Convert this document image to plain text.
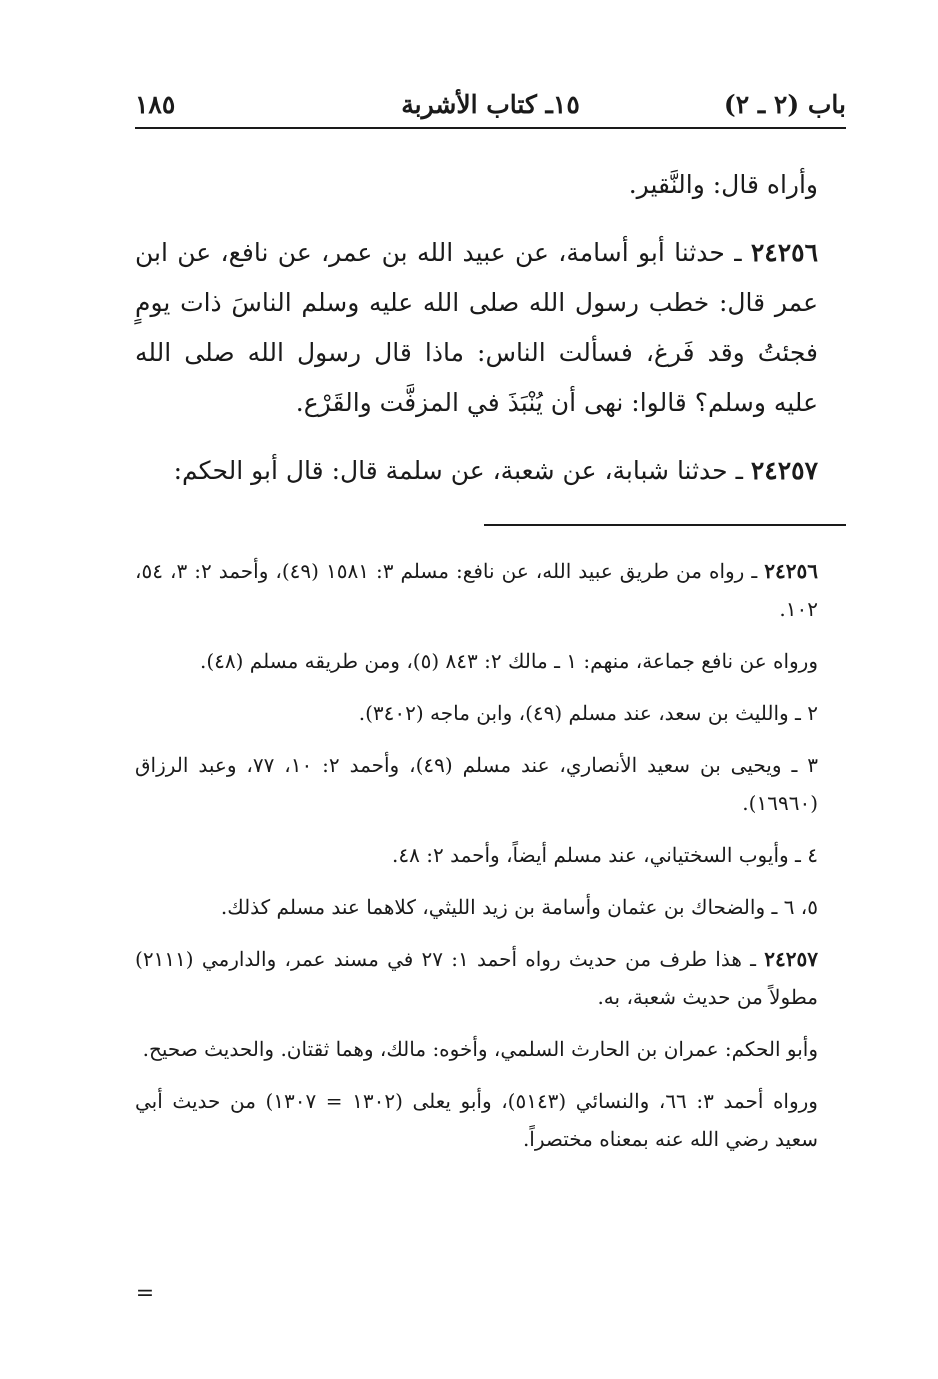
باب (٢ ـ ٢)
١٥ـ كتاب الأشربة
١٨٥

وأراه قال: والنَّقير.

٢٤٢٥٦ ـ حدثنا أبو أسامة، عن عبيد الله بن عمر، عن نافع، عن ابن عمر قال: خطب رسول الله صلى الله عليه وسلم الناسَ ذات يومٍ فجئتُ وقد فَرغ، فسألت الناس: ماذا قال رسول الله صلى الله عليه وسلم؟ قالوا: نهى أن يُنْبَذَ في المزفَّت والقَرْع.

٢٤٢٥٧ ـ حدثنا شبابة، عن شعبة، عن سلمة قال: قال أبو الحكم:

٢٤٢٥٦ ـ رواه من طريق عبيد الله، عن نافع: مسلم ٣: ١٥٨١ (٤٩)، وأحمد ٢: ٣، ٥٤، ١٠٢.

ورواه عن نافع جماعة، منهم: ١ ـ مالك ٢: ٨٤٣ (٥)، ومن طريقه مسلم (٤٨).

٢ ـ والليث بن سعد، عند مسلم (٤٩)، وابن ماجه (٣٤٠٢).

٣ ـ ويحيى بن سعيد الأنصاري، عند مسلم (٤٩)، وأحمد ٢: ١٠، ٧٧، وعبد الرزاق (١٦٩٦٠).

٤ ـ وأيوب السختياني، عند مسلم أيضاً، وأحمد ٢: ٤٨.

٥، ٦ ـ والضحاك بن عثمان وأسامة بن زيد الليثي، كلاهما عند مسلم كذلك.

٢٤٢٥٧ ـ هذا طرف من حديث رواه أحمد ١: ٢٧ في مسند عمر، والدارمي (٢١١١) مطولاً من حديث شعبة، به.

وأبو الحكم: عمران بن الحارث السلمي، وأخوه: مالك، وهما ثقتان. والحديث صحيح.

ورواه أحمد ٣: ٦٦، والنسائي (٥١٤٣)، وأبو يعلى (١٣٠٢ = ١٣٠٧) من حديث أبي سعيد رضي الله عنه بمعناه مختصراً.

=
